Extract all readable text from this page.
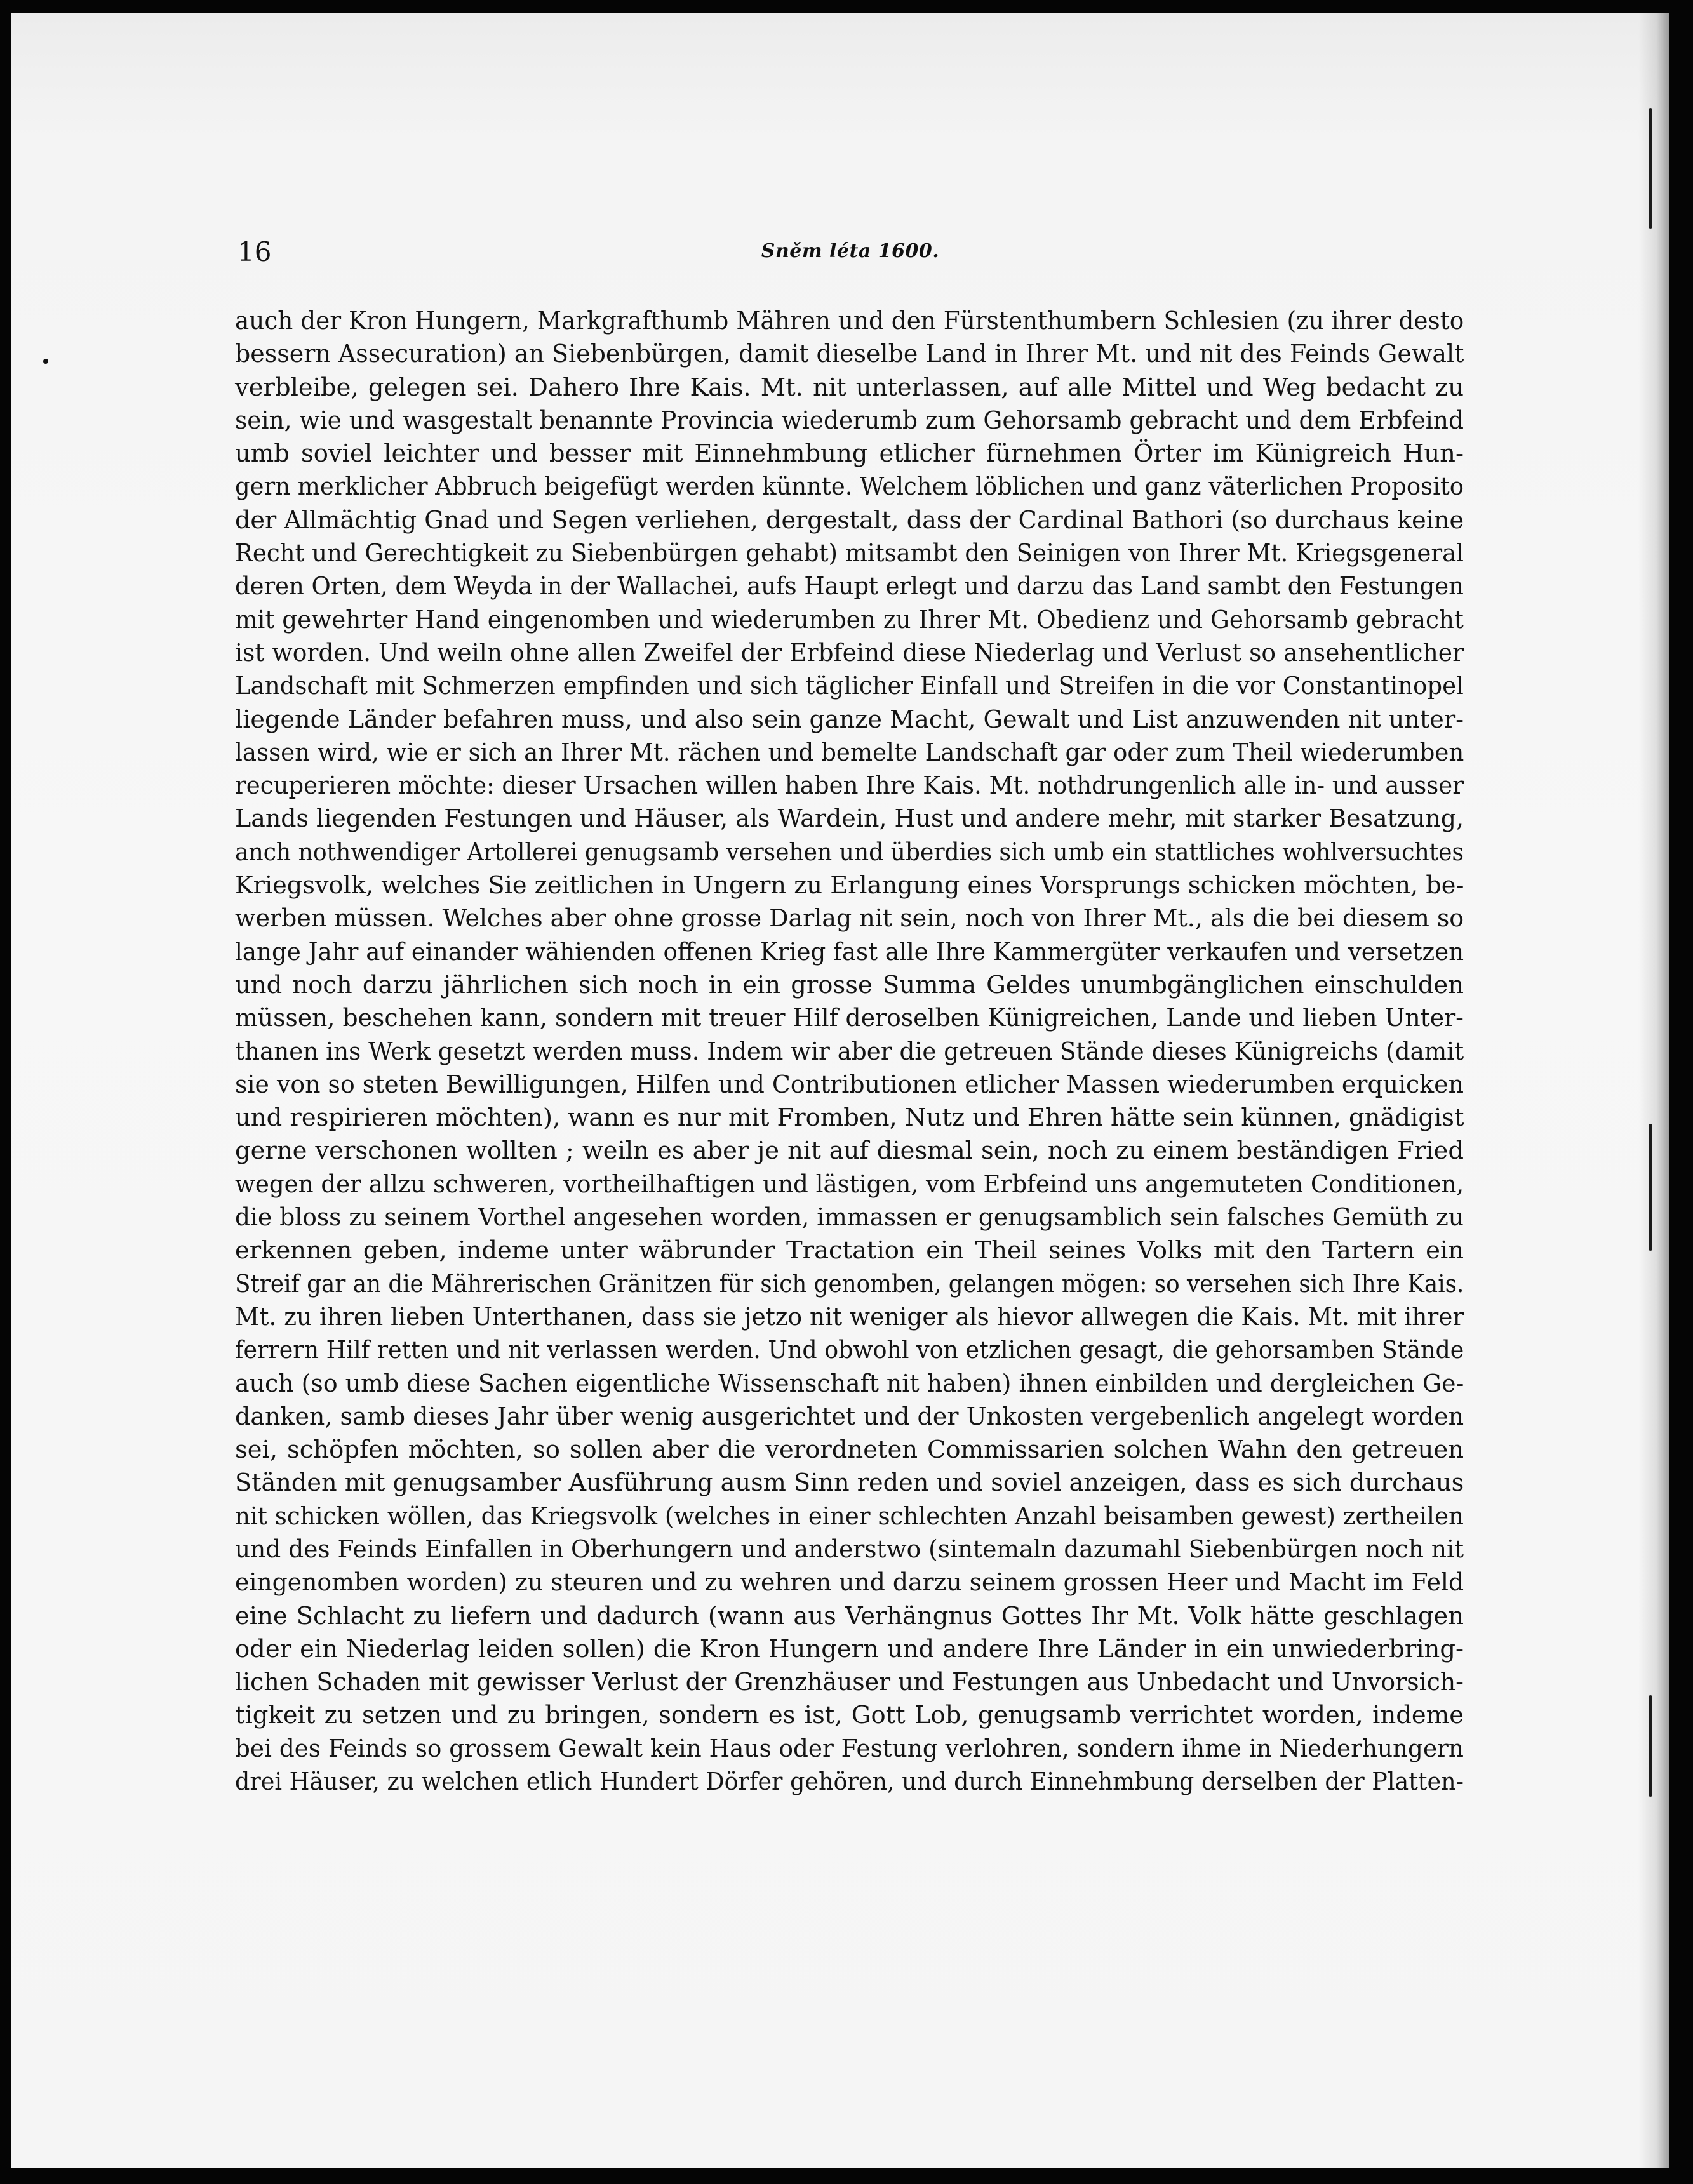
16	Sněm léta 1600.
auch der Kron Hungern, Markgrafthumb Mähren und den Fürstenthumbern Schlesien (zu ihrer desto
bessern Assecuration) an Siebenbürgen, damit dieselbe Land in Ihrer Mt. und nit des Feinds Gewalt
verbleibe, gelegen sei. Dahero Ihre Kais. Mt. nit unterlassen, auf alle Mittel und Weg bedacht zu
sein, wie und wasgestalt benannte Provincia wiederumb zum Gehorsamb gebracht und dem Erbfeind
umb soviel leichter und besser mit Einnehmbung etlicher fürnehmen Örter im Künigreich Hun-
gern merklicher Abbruch beigefügt werden künnte. Welchem löblichen und ganz väterlichen Proposito
der Allmächtig Gnad und Segen verliehen, dergestalt, dass der Cardinal Bathori (so durchaus keine
Recht und Gerechtigkeit zu Siebenbürgen gehabt) mitsambt den Seinigen von Ihrer Mt. Kriegsgeneral
deren Orten, dem Weyda in der Wallachei, aufs Haupt erlegt und darzu das Land sambt den Festungen
mit gewehrter Hand eingenomben und wiederumben zu Ihrer Mt. Obedienz und Gehorsamb gebracht
ist worden. Und weiln ohne allen Zweifel der Erbfeind diese Niederlag und Verlust so ansehentlicher
Landschaft mit Schmerzen empfinden und sich täglicher Einfall und Streifen in die vor Constantinopel
liegende Länder befahren muss, und also sein ganze Macht, Gewalt und List anzuwenden nit unter-
lassen wird, wie er sich an Ihrer Mt. rächen und bemelte Landschaft gar oder zum Theil wiederumben
recuperieren möchte: dieser Ursachen willen haben Ihre Kais. Mt. nothdrungenlich alle in- und ausser
Lands liegenden Festungen und Häuser, als Wardein, Hust und andere mehr, mit starker Besatzung,
anch nothwendiger Artollerei genugsamb versehen und überdies sich umb ein stattliches wohlversuchtes
Kriegsvolk, welches Sie zeitlichen in Ungern zu Erlangung eines Vorsprungs schicken möchten, be-
werben müssen. Welches aber ohne grosse Darlag nit sein, noch von Ihrer Mt., als die bei diesem so
lange Jahr auf einander wähienden offenen Krieg fast alle Ihre Kammergüter verkaufen und versetzen
und noch darzu jährlichen sich noch in ein grosse Summa Geldes unumbgänglichen einschulden
müssen, beschehen kann, sondern mit treuer Hilf deroselben Künigreichen, Lande und lieben Unter-
thanen ins Werk gesetzt werden muss. Indem wir aber die getreuen Stände dieses Künigreichs (damit
sie von so steten Bewilligungen, Hilfen und Contributionen etlicher Massen wiederumben erquicken
und respirieren möchten), wann es nur mit Fromben, Nutz und Ehren hätte sein künnen, gnädigist
gerne verschonen wollten ; weiln es aber je nit auf diesmal sein, noch zu einem beständigen Fried
wegen der allzu schweren, vortheilhaftigen und lästigen, vom Erbfeind uns angemuteten Conditionen,
die bloss zu seinem Vorthel angesehen worden, immassen er genugsamblich sein falsches Gemüth zu
erkennen geben, indeme unter wäbrunder Tractation ein Theil seines Volks mit den Tartern ein
Streif gar an die Mährerischen Gränitzen für sich genomben, gelangen mögen: so versehen sich Ihre Kais.
Mt. zu ihren lieben Unterthanen, dass sie jetzo nit weniger als hievor allwegen die Kais. Mt. mit ihrer
ferrern Hilf retten und nit verlassen werden. Und obwohl von etzlichen gesagt, die gehorsamben Stände
auch (so umb diese Sachen eigentliche Wissenschaft nit haben) ihnen einbilden und dergleichen Ge-
danken, samb dieses Jahr über wenig ausgerichtet und der Unkosten vergebenlich angelegt worden
sei, schöpfen möchten, so sollen aber die verordneten Commissarien solchen Wahn den getreuen
Ständen mit genugsamber Ausführung ausm Sinn reden und soviel anzeigen, dass es sich durchaus
nit schicken wöllen, das Kriegsvolk (welches in einer schlechten Anzahl beisamben gewest) zertheilen
und des Feinds Einfallen in Oberhungern und anderstwo (sintemaln dazumahl Siebenbürgen noch nit
eingenomben worden) zu steuren und zu wehren und darzu seinem grossen Heer und Macht im Feld
eine Schlacht zu liefern und dadurch (wann aus Verhängnus Gottes Ihr Mt. Volk hätte geschlagen
oder ein Niederlag leiden sollen) die Kron Hungern und andere Ihre Länder in ein unwiederbring-
lichen Schaden mit gewisser Verlust der Grenzhäuser und Festungen aus Unbedacht und Unvorsich-
tigkeit zu setzen und zu bringen, sondern es ist, Gott Lob, genugsamb verrichtet worden, indeme
bei des Feinds so grossem Gewalt kein Haus oder Festung verlohren, sondern ihme in Niederhungern
drei Häuser, zu welchen etlich Hundert Dörfer gehören, und durch Einnehmbung derselben der Platten-
